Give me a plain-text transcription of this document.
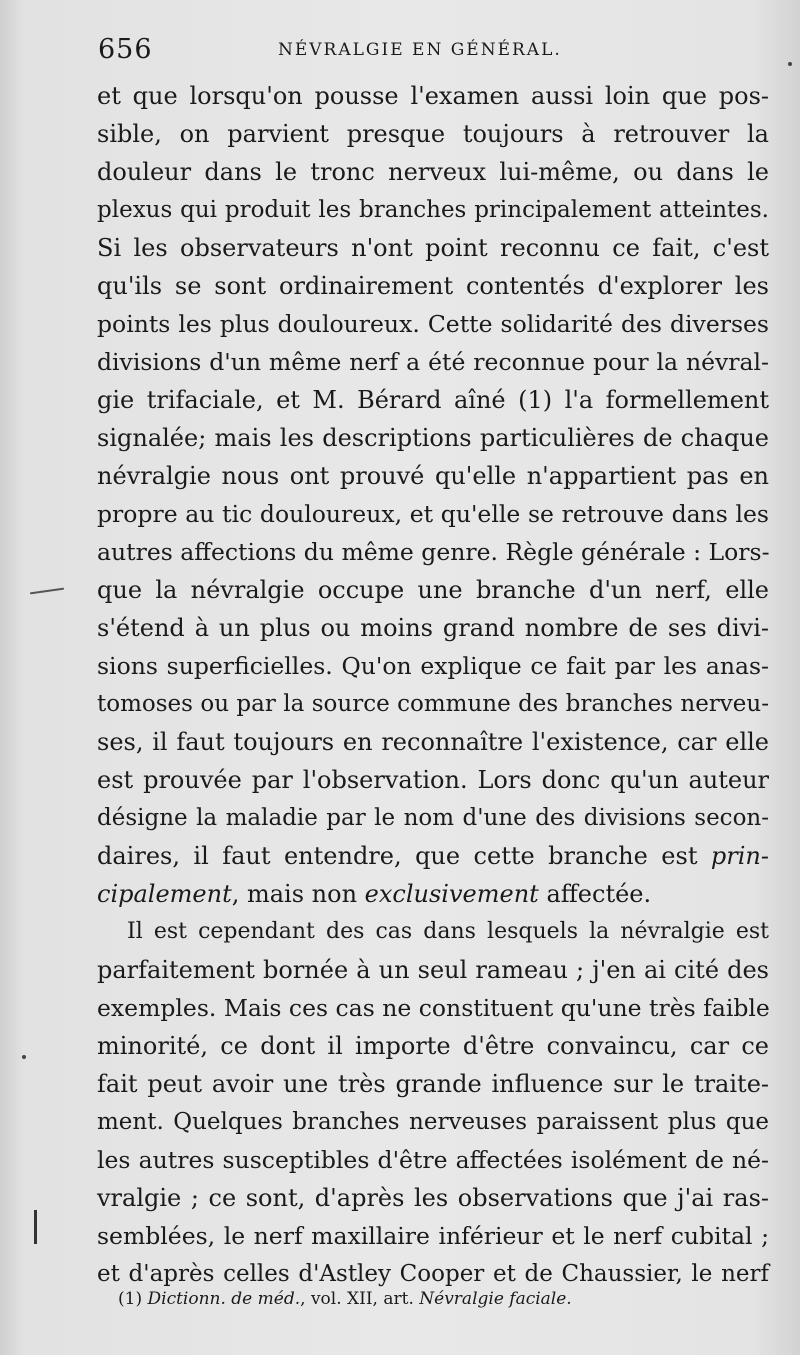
656	NÉVRALGIE EN GÉNÉRAL.
et que lorsqu'on pousse l'examen aussi loin que pos-
sible, on parvient presque toujours à retrouver la
douleur dans le tronc nerveux lui-même, ou dans le
plexus qui produit les branches principalement atteintes.
Si les observateurs n'ont point reconnu ce fait, c'est
qu'ils se sont ordinairement contentés d'explorer les
points les plus douloureux. Cette solidarité des diverses
divisions d'un même nerf a été reconnue pour la névral-
gie trifaciale, et M. Bérard aîné (1) l'a formellement
signalée; mais les descriptions particulières de chaque
névralgie nous ont prouvé qu'elle n'appartient pas en
propre au tic douloureux, et qu'elle se retrouve dans les
autres affections du même genre. Règle générale : Lors-
que la névralgie occupe une branche d'un nerf, elle
s'étend à un plus ou moins grand nombre de ses divi-
sions superficielles. Qu'on explique ce fait par les anas-
tomoses ou par la source commune des branches nerveu-
ses, il faut toujours en reconnaître l'existence, car elle
est prouvée par l'observation. Lors donc qu'un auteur
désigne la maladie par le nom d'une des divisions secon-
daires, il faut entendre, que cette branche est prin-
cipalement, mais non exclusivement affectée.
Il est cependant des cas dans lesquels la névralgie est
parfaitement bornée à un seul rameau ; j'en ai cité des
exemples. Mais ces cas ne constituent qu'une très faible
minorité, ce dont il importe d'être convaincu, car ce
fait peut avoir une très grande influence sur le traite-
ment. Quelques branches nerveuses paraissent plus que
les autres susceptibles d'être affectées isolément de né-
vralgie ; ce sont, d'après les observations que j'ai ras-
semblées, le nerf maxillaire inférieur et le nerf cubital ;
et d'après celles d'Astley Cooper et de Chaussier, le nerf
(1) Dictionn. de méd., vol. XII, art. Névralgie faciale.
